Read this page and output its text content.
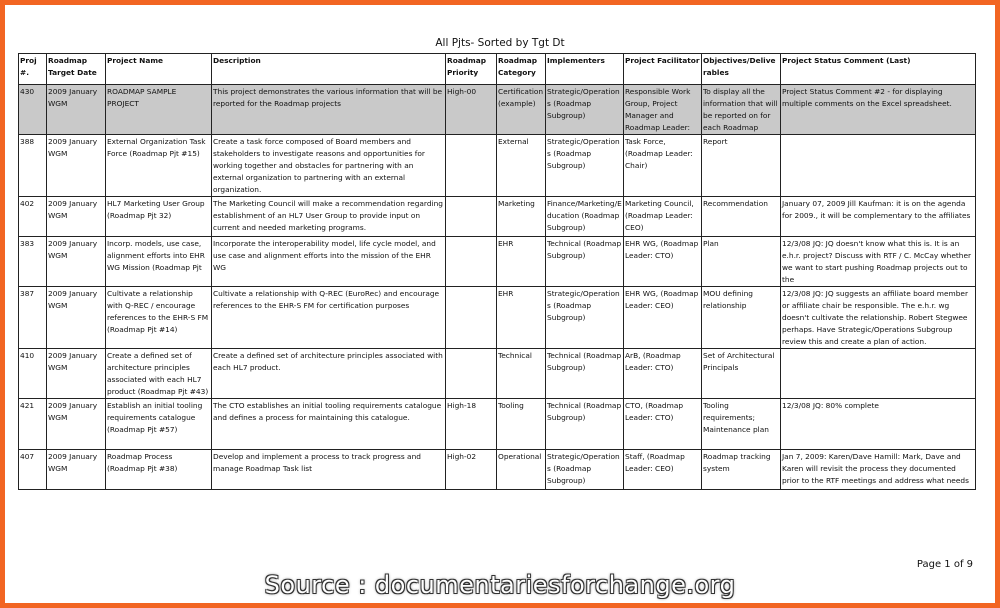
All Pjts- Sorted by Tgt Dt
Proj #.	Roadmap Target Date	Project Name	Description	Roadmap Priority	Roadmap Category	Implementers	Project Facilitator	Objectives/Deliverables	Project Status Comment (Last)
430	2009 January WGM	ROADMAP SAMPLE PROJECT	This project demonstrates the various information that will be reported for the Roadmap projects	High-00	Certification (example)	Strategic/Operations (Roadmap Subgroup)	Responsible Work Group, Project Manager and Roadmap Leader:	To display all the information that will be reported on for each Roadmap	Project Status Comment #2 - for displaying multiple comments on the Excel spreadsheet.
388	2009 January WGM	External Organization Task Force (Roadmap Pjt #15)	Create a task force composed of Board members and stakeholders to investigate reasons and opportunities for working together and obstacles for partnering with an external organization to partnering with an external organization.		External	Strategic/Operations (Roadmap Subgroup)	Task Force, (Roadmap Leader: Chair)	Report	
402	2009 January WGM	HL7 Marketing User Group (Roadmap Pjt 32)	The Marketing Council will make a recommendation regarding establishment of an HL7 User Group to provide input on current and needed marketing programs.		Marketing	Finance/Marketing/Education (Roadmap Subgroup)	Marketing Council, (Roadmap Leader: CEO)	Recommendation	January 07, 2009 Jill Kaufman: it is on the agenda for 2009., it will be complementary to the affiliates
383	2009 January WGM	Incorp. models, use case, alignment efforts into EHR WG Mission (Roadmap Pjt	Incorporate the interoperability model, life cycle model, and use case and alignment efforts into the mission of the EHR WG		EHR	Technical (Roadmap Subgroup)	EHR WG, (Roadmap Leader: CTO)	Plan	12/3/08 JQ: JQ doesn't know what this is. It is an e.h.r. project? Discuss with RTF / C. McCay whether we want to start pushing Roadmap projects out to the
387	2009 January WGM	Cultivate a relationship with Q-REC / encourage references to the EHR-S FM (Roadmap Pjt #14)	Cultivate a relationship with Q-REC (EuroRec) and encourage references to the EHR-S FM for certification purposes		EHR	Strategic/Operations (Roadmap Subgroup)	EHR WG, (Roadmap Leader: CEO)	MOU defining relationship	12/3/08 JQ: JQ suggests an affiliate board member or affiliate chair be responsible. The e.h.r. wg doesn't cultivate the relationship. Robert Stegwee perhaps. Have Strategic/Operations Subgroup review this and create a plan of action.
410	2009 January WGM	Create a defined set of architecture principles associated with each HL7 product (Roadmap Pjt #43)	Create a defined set of architecture principles associated with each HL7 product.		Technical	Technical (Roadmap Subgroup)	ArB, (Roadmap Leader: CTO)	Set of Architectural Principals	
421	2009 January WGM	Establish an initial tooling requirements catalogue (Roadmap Pjt #57)	The CTO establishes an initial tooling requirements catalogue and defines a process for maintaining this catalogue.	High-18	Tooling	Technical (Roadmap Subgroup)	CTO, (Roadmap Leader: CTO)	Tooling requirements; Maintenance plan	12/3/08 JQ: 80% complete
407	2009 January WGM	Roadmap Process (Roadmap Pjt #38)	Develop and implement a process to track progress and manage Roadmap Task list	High-02	Operational	Strategic/Operations (Roadmap Subgroup)	Staff, (Roadmap Leader: CEO)	Roadmap tracking system	Jan 7, 2009: Karen/Dave Hamill: Mark, Dave and Karen will revisit the process they documented prior to the RTF meetings and address what needs
Page 1 of 9
Source : documentariesforchange.org
